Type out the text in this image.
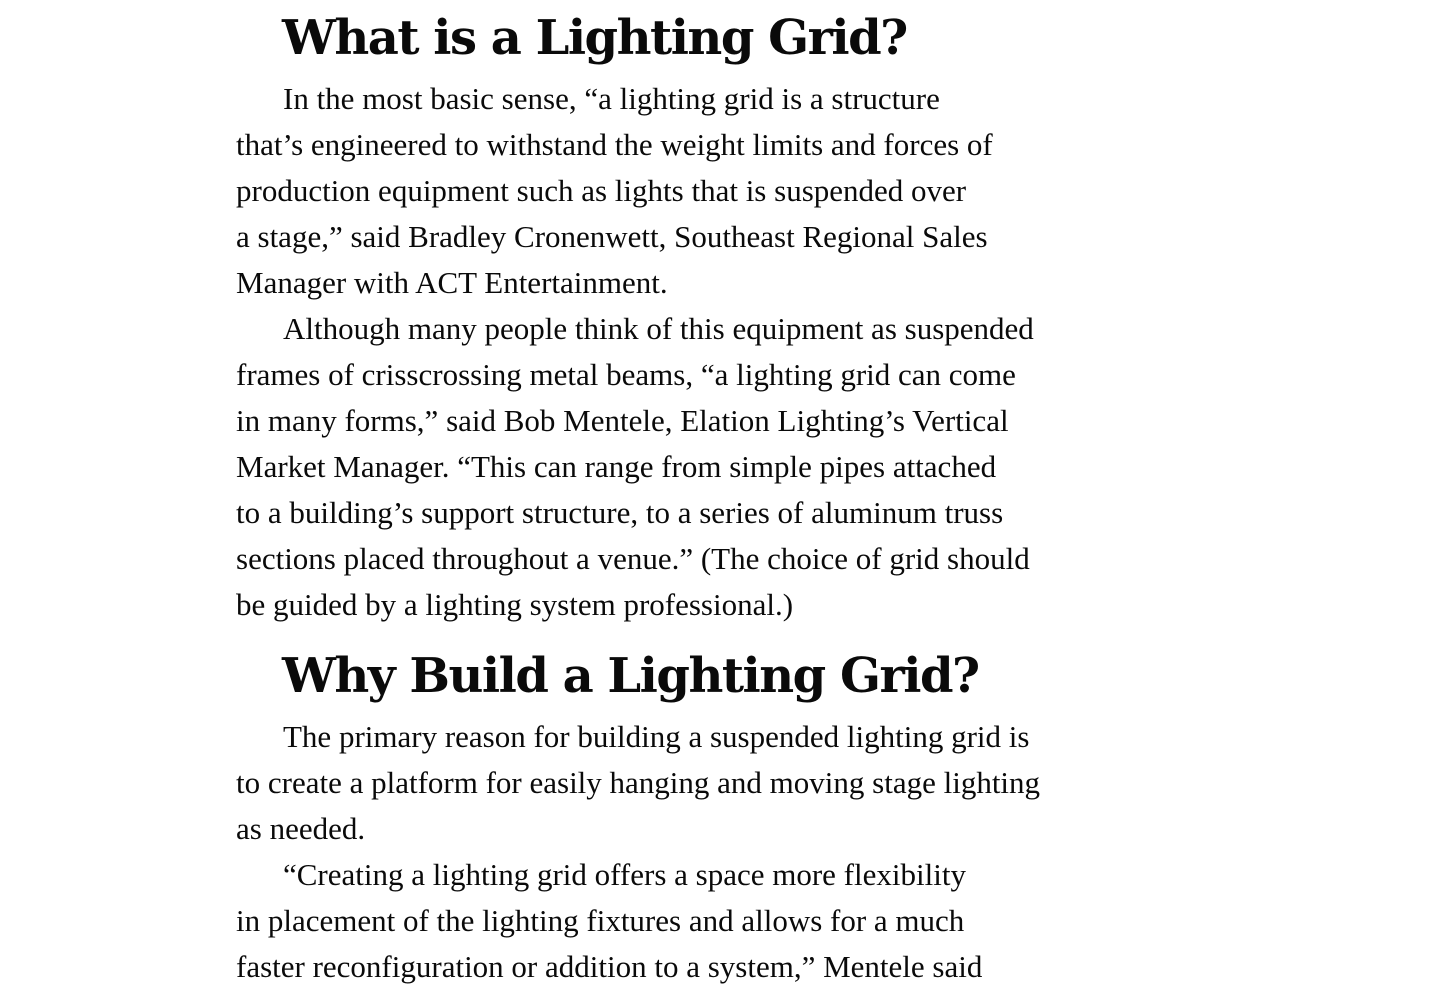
What is a Lighting Grid?

In the most basic sense, “a lighting grid is a structure
that’s engineered to withstand the weight limits and forces of
production equipment such as lights that is suspended over
a stage,” said Bradley Cronenwett, Southeast Regional Sales
Manager with ACT Entertainment.

Although many people think of this equipment as suspended
frames of crisscrossing metal beams, “a lighting grid can come
in many forms,” said Bob Mentele, Elation Lighting’s Vertical
Market Manager. “This can range from simple pipes attached
to a building’s support structure, to a series of aluminum truss
sections placed throughout a venue.” (The choice of grid should
be guided by a lighting system professional.)

Why Build a Lighting Grid?

The primary reason for building a suspended lighting grid is
to create a platform for easily hanging and moving stage lighting
as needed.

“Creating a lighting grid offers a space more flexibility
in placement of the lighting fixtures and allows for a much
faster reconfiguration or addition to a system,” Mentele said
